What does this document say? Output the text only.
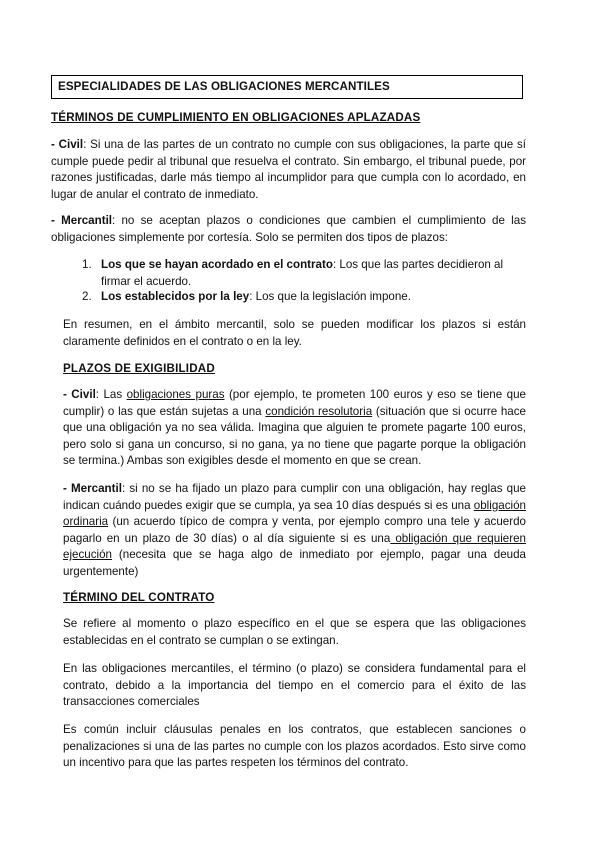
ESPECIALIDADES DE LAS OBLIGACIONES MERCANTILES
TÉRMINOS DE CUMPLIMIENTO EN OBLIGACIONES APLAZADAS
- Civil: Si una de las partes de un contrato no cumple con sus obligaciones, la parte que sí cumple puede pedir al tribunal que resuelva el contrato. Sin embargo, el tribunal puede, por razones justificadas, darle más tiempo al incumplidor para que cumpla con lo acordado, en lugar de anular el contrato de inmediato.
- Mercantil: no se aceptan plazos o condiciones que cambien el cumplimiento de las obligaciones simplemente por cortesía. Solo se permiten dos tipos de plazos:
1. Los que se hayan acordado en el contrato: Los que las partes decidieron al firmar el acuerdo.
2. Los establecidos por la ley: Los que la legislación impone.
En resumen, en el ámbito mercantil, solo se pueden modificar los plazos si están claramente definidos en el contrato o en la ley.
PLAZOS DE EXIGIBILIDAD
- Civil: Las obligaciones puras (por ejemplo, te prometen 100 euros y eso se tiene que cumplir) o las que están sujetas a una condición resolutoria (situación que si ocurre hace que una obligación ya no sea válida. Imagina que alguien te promete pagarte 100 euros, pero solo si gana un concurso, si no gana, ya no tiene que pagarte porque la obligación se termina.) Ambas son exigibles desde el momento en que se crean.
- Mercantil: si no se ha fijado un plazo para cumplir con una obligación, hay reglas que indican cuándo puedes exigir que se cumpla, ya sea 10 días después si es una obligación ordinaria (un acuerdo típico de compra y venta, por ejemplo compro una tele y acuerdo pagarlo en un plazo de 30 días) o al día siguiente si es una obligación que requieren ejecución (necesita que se haga algo de inmediato por ejemplo, pagar una deuda urgentemente)
TÉRMINO DEL CONTRATO
Se refiere al momento o plazo específico en el que se espera que las obligaciones establecidas en el contrato se cumplan o se extingan.
En las obligaciones mercantiles, el término (o plazo) se considera fundamental para el contrato, debido a la importancia del tiempo en el comercio para el éxito de las transacciones comerciales
Es común incluir cláusulas penales en los contratos, que establecen sanciones o penalizaciones si una de las partes no cumple con los plazos acordados. Esto sirve como un incentivo para que las partes respeten los términos del contrato.
